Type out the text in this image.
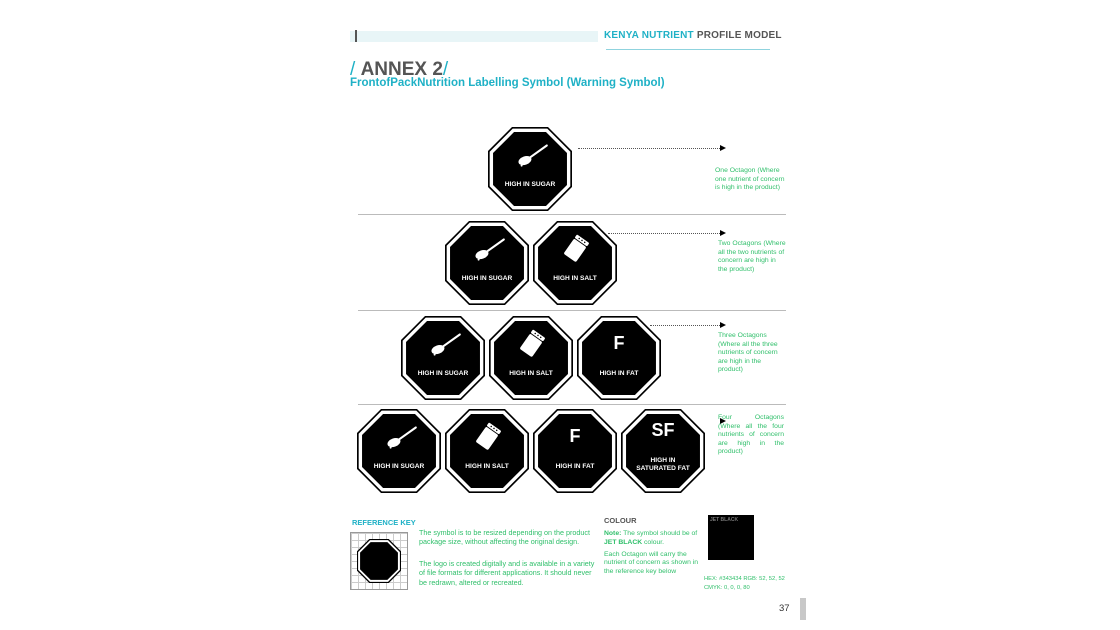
KENYA NUTRIENT PROFILE MODEL
/ ANNEX 2/
FrontofPackNutrition Labelling Symbol (Warning Symbol)
HIGH IN SUGAR
One Octagon (Where one nutrient of concern is high in the product)
HIGH IN SUGAR	HIGH IN SALT
Two Octagons (Where all the two nutrients of concern are high in the product)
HIGH IN SUGAR	HIGH IN SALT
F
HIGH IN FAT
Three Octagons (Where all the three nutrients of concern are high in the product)
HIGH IN SUGAR	HIGH IN SALT
F
HIGH IN FAT
SF
HIGH IN
SATURATED FAT
Four Octagons (Where all the four nutrients of concern are high in the product)
REFERENCE KEY
The symbol is to be resized depending on the product package size, without affecting the original design.
The logo is created digitally and is available in a variety of file formats for different applications. It should never be redrawn, altered or recreated.
COLOUR
Note: The symbol should be of JET BLACK colour.
Each Octagon will carry the nutrient of concern as shown in the reference key below
JET BLACK
HEX: #343434 RGB: 52, 52, 52
CMYK: 0, 0, 0, 80
37
